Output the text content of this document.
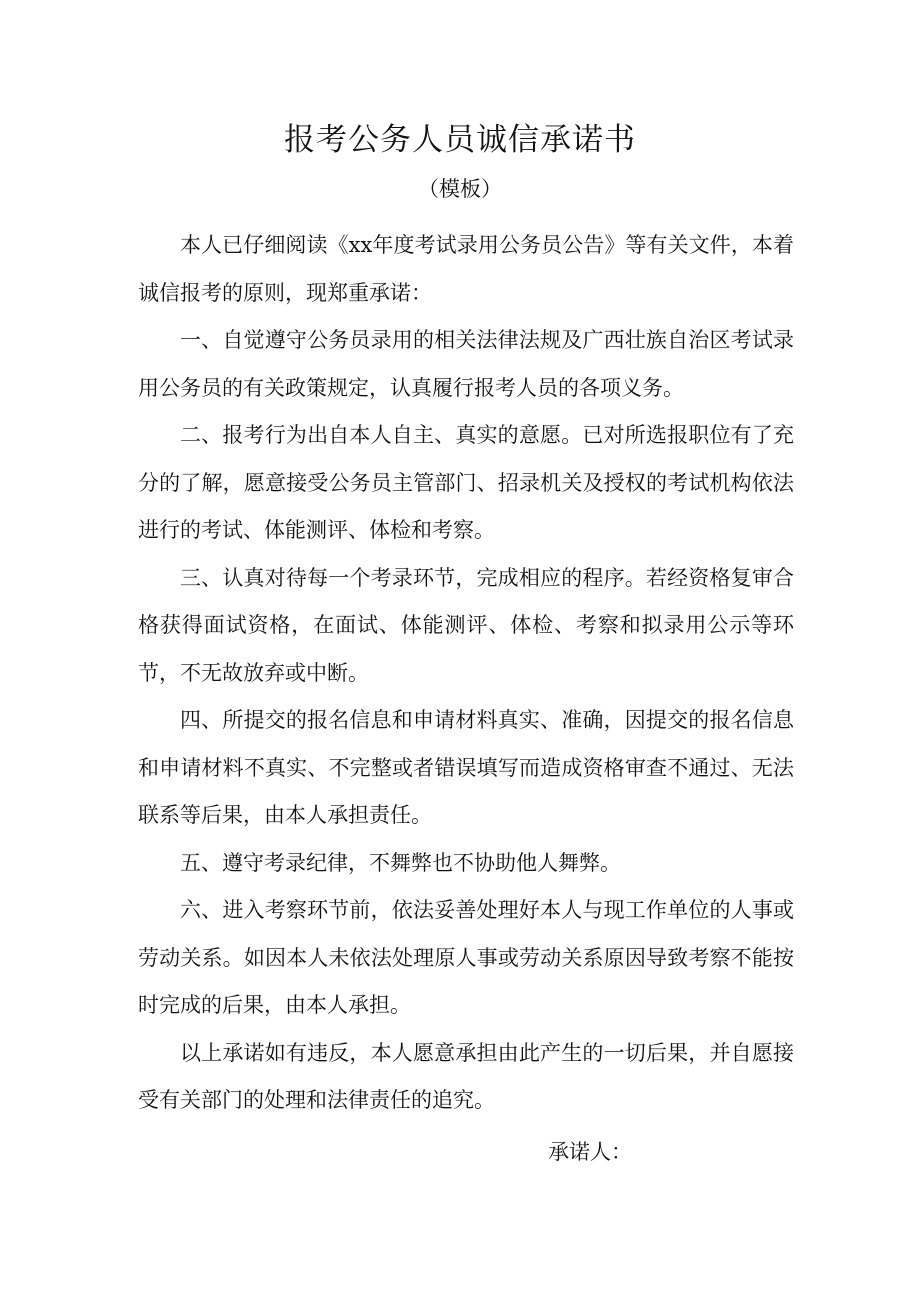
报考公务人员诚信承诺书
（模板）

本人已仔细阅读《xx年度考试录用公务员公告》等有关文件，本着诚信报考的原则，现郑重承诺：

一、自觉遵守公务员录用的相关法律法规及广西壮族自治区考试录用公务员的有关政策规定，认真履行报考人员的各项义务。

二、报考行为出自本人自主、真实的意愿。已对所选报职位有了充分的了解，愿意接受公务员主管部门、招录机关及授权的考试机构依法进行的考试、体能测评、体检和考察。

三、认真对待每一个考录环节，完成相应的程序。若经资格复审合格获得面试资格，在面试、体能测评、体检、考察和拟录用公示等环节，不无故放弃或中断。

四、所提交的报名信息和申请材料真实、准确，因提交的报名信息和申请材料不真实、不完整或者错误填写而造成资格审查不通过、无法联系等后果，由本人承担责任。

五、遵守考录纪律，不舞弊也不协助他人舞弊。

六、进入考察环节前，依法妥善处理好本人与现工作单位的人事或劳动关系。如因本人未依法处理原人事或劳动关系原因导致考察不能按时完成的后果，由本人承担。

以上承诺如有违反，本人愿意承担由此产生的一切后果，并自愿接受有关部门的处理和法律责任的追究。

承诺人：
